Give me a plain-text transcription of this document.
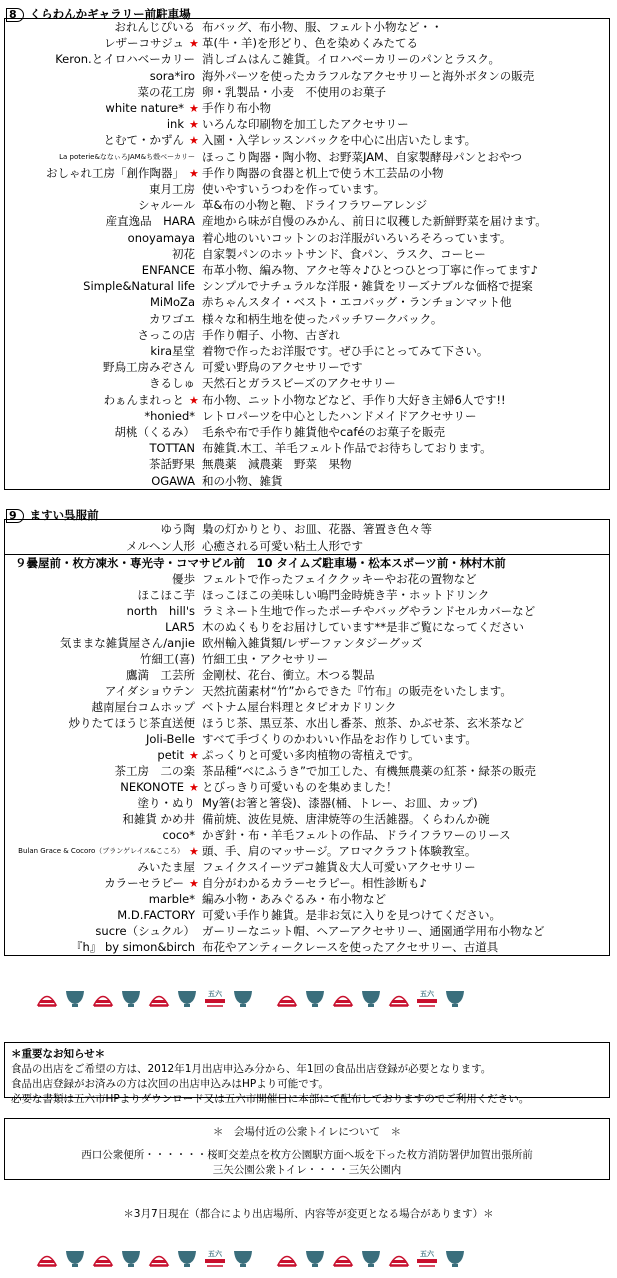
8 くらわんかギャラリー前駐車場
おれんじぴいる 布バッグ、布小物、服、フェルト小物など・・
レザーコサジュ ★ 革(牛・羊)を形どり、色を染めくみたてる
Keron.とイロハベーカリー 消しゴムはんこ雑貨。イロハベーカリーのパンとラスク。
sora*iro 海外パーツを使ったカラフルなアクセサリーと海外ボタンの販売
菜の花工房 卵・乳製品・小麦　不使用のお菓子
white nature* ★ 手作り布小物
ink ★ いろんな印刷物を加工したアクセサリー
とむて・かずん ★ 入園・入学レッスンバックを中心に出店いたします。
La poterie&ななぃろJAM&ち殻ベーカリー ほっこり陶器・陶小物、お野菜JAM、自家製酵母パンとおやつ
おしゃれ工房「創作陶器」 ★ 手作り陶器の食器と机上で使う木工芸品の小物
東月工房 使いやすいうつわを作っています。
シャルール 革&布の小物と鞄、ドライフラワーアレンジ
産直逸品　HARA 産地から味が自慢のみかん、前日に収穫した新鮮野菜を届けます。
onoyamaya 着心地のいいコットンのお洋服がいろいろそろっています。
初花 自家製パンのホットサンド、食パン、ラスク、コーヒー
ENFANCE 布革小物、編み物、アクセ等々♪ひとつひとつ丁寧に作ってます♪
Simple&Natural life シンプルでナチュラルな洋服・雑貨をリーズナブルな価格で提案
MiMoZa 赤ちゃんスタイ・ベスト・エコバッグ・ランチョンマット他
カワゴエ 様々な和柄生地を使ったパッチワークバック。
さっこの店 手作り帽子、小物、古ぎれ
kira星堂 着物で作ったお洋服です。ぜひ手にとってみて下さい。
野鳥工房みぞさん 可愛い野鳥のアクセサリーです
きるしゅ 天然石とガラスビーズのアクセサリー
わぁんまれっと ★ 布小物、ニット小物などなど、手作り大好き主婦6人です!!
*honied* レトロパーツを中心としたハンドメイドアクセサリー
胡桃（くるみ） 毛糸や布で手作り雑貨他やcaféのお菓子を販売
TOTTAN 布雑貨.木工、羊毛フェルト作品でお待ちしております。
茶話野果 無農薬　減農薬　野菜　果物
OGAWA 和の小物、雑貨
9 ますい呉服前
ゆう陶 梟の灯かりとり、お皿、花器、箸置き色々等
メルヘン人形 心癒される可愛い粘土人形です
９曇屋前・枚方凍氷・専光寺・コマサビル前　10 タイムズ駐車場・松本スポーツ前・林村木前
優歩 フェルトで作ったフェイククッキーやお花の置物など
ほこほこ芋 ほっこほこの美味しい鳴門金時焼き芋・ホットドリンク
north　hill's ラミネート生地で作ったポーチやバッグやランドセルカバーなど
LAR5 木のぬくもりをお届けしています**是非ご覧になってください
気ままな雑貨屋さん/anjie 欧州輸入雑貨類/レザーファンタジーグッズ
竹細工(喜) 竹細工虫・アクセサリー
鷹満　工芸所 金剛杖、花台、衝立。木つる製品
アイダショウテン 天然抗菌素材“竹”からできた『竹布』の販売をいたします。
越南屋台コムホップ ベトナム屋台料理とタピオカドリンク
炒りたてほうじ茶直送便 ほうじ茶、黒豆茶、水出し番茶、煎茶、かぶせ茶、玄米茶など
Joli-Belle すべて手づくりのかわいい作品をお作りしています。
petit ★ ぷっくりと可愛い多肉植物の寄植えです。
茶工房　二の楽 茶品種“べにふうき”で加工した、有機無農薬の紅茶・緑茶の販売
NEKONOTE ★ とびっきり可愛いものを集めました！
塗り・ぬり My箸(お箸と箸袋)、漆器(桶、トレー、お皿、カップ)
和雑貨 かめ井 備前焼、波佐見焼、唐津焼等の生活雑器。くらわんか碗
coco* かぎ針・布・羊毛フェルトの作品、ドライフラワーのリース
Bulan Grace & Cocoro（ブランゲレイス&こころ） ★ 頭、手、肩のマッサージ。アロマクラフト体験教室。
みいたま屋 フェイクスイーツデコ雑貨＆大人可愛いアクセサリー
カラーセラピー ★ 自分がわかるカラーセラピー。相性診断も♪
marble* 編み小物・あみぐるみ・布小物など
M.D.FACTORY 可愛い手作り雑貨。是非お気に入りを見つけてください。
sucre（シュクル） ガーリーなニット帽、ヘアーアクセサリー、通園通学用布小物など
『h』 by simon&birch 布花やアンティークレースを使ったアクセサリー、古道具
五六	五六
＊重要なお知らせ＊
食品の出店をご希望の方は、2012年1月出店申込み分から、年1回の食品出店登録が必要となります。
食品出店登録がお済みの方は次回の出店申込みはHPより可能です。
必要な書類は五六市HPよりダウンロード又は五六市開催日に本部にて配布しておりますのでご利用ください。
＊　会場付近の公衆トイレについて　＊
西口公衆便所・・・・・・桜町交差点を枚方公園駅方面へ坂を下った枚方消防署伊加賀出張所前
三矢公園公衆トイレ・・・・三矢公園内
＊3月7日現在（都合により出店場所、内容等が変更となる場合があります）＊
五六	五六
